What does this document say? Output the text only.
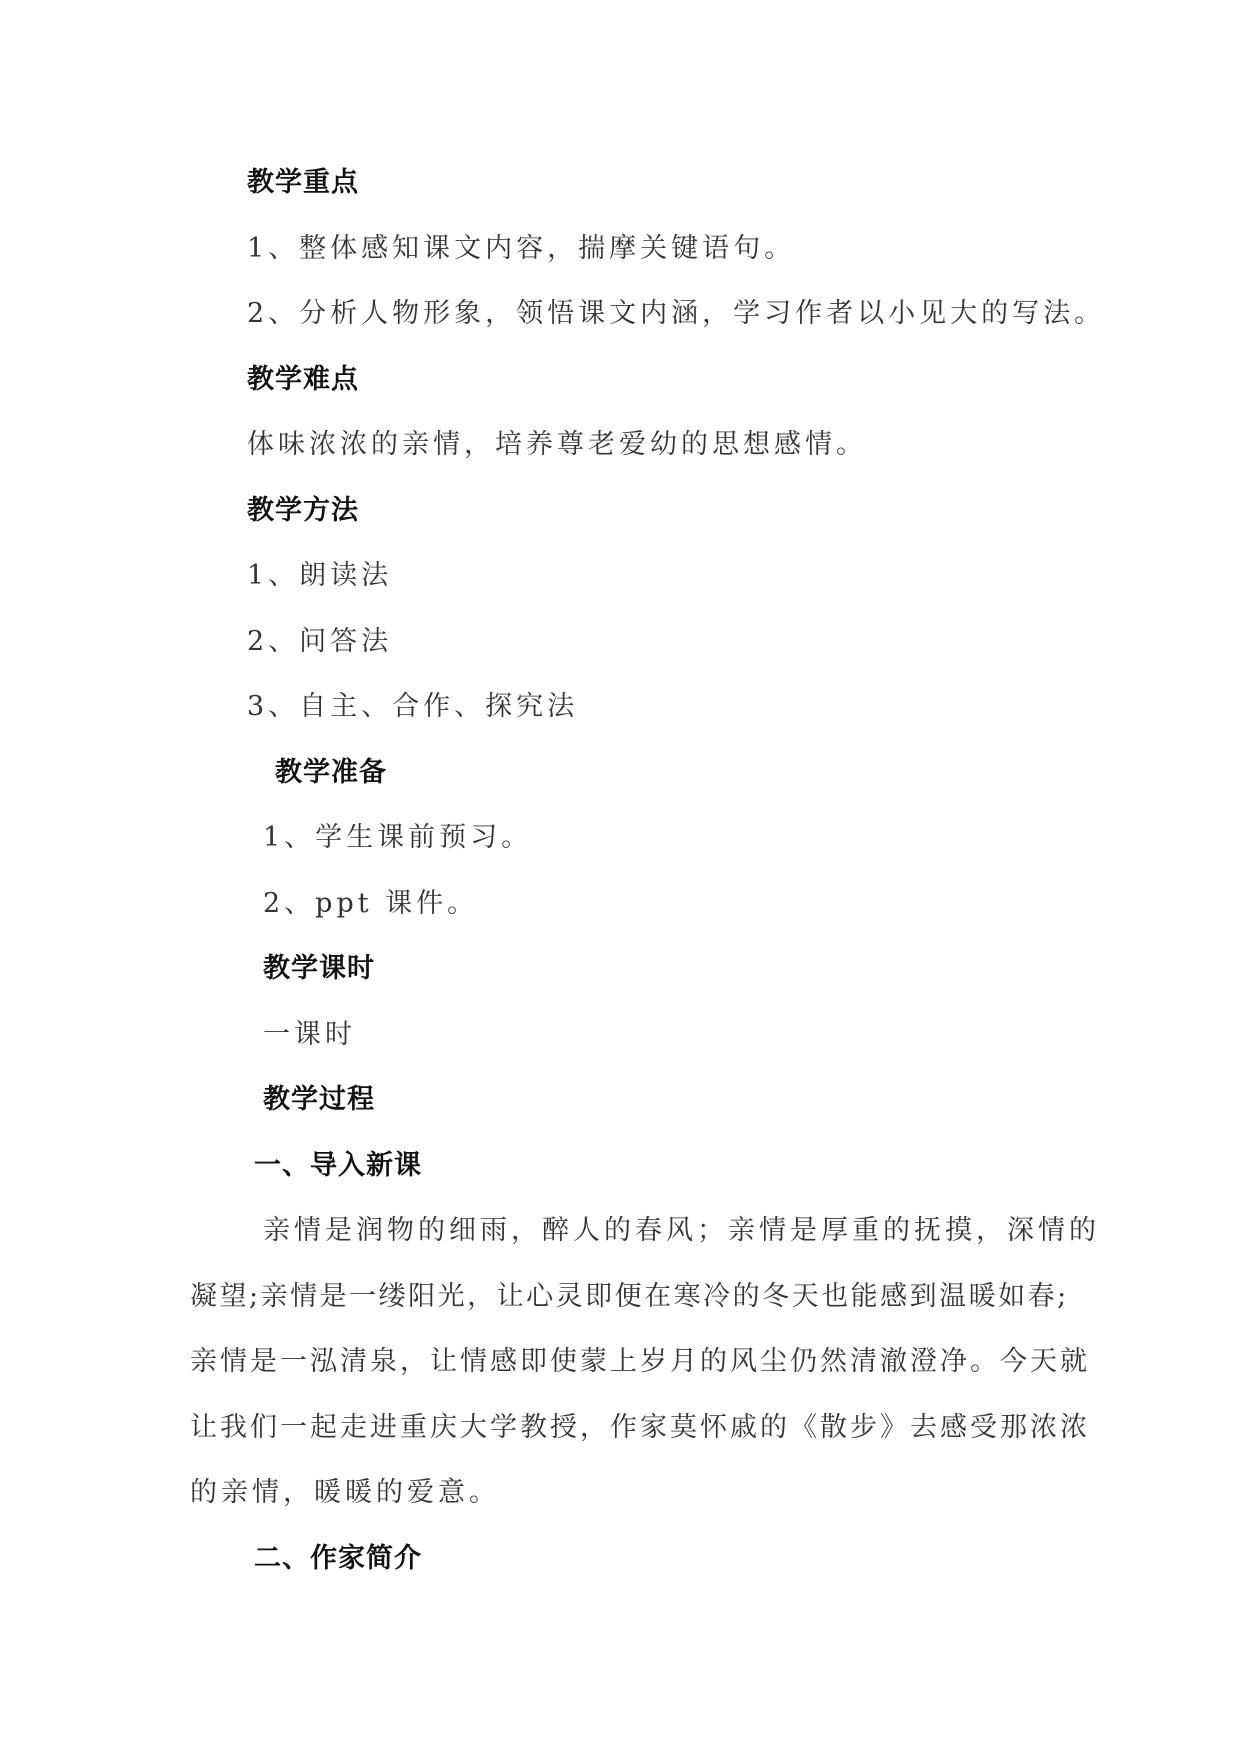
教学重点
1、整体感知课文内容，揣摩关键语句。
2、分析人物形象，领悟课文内涵，学习作者以小见大的写法。
教学难点
体味浓浓的亲情，培养尊老爱幼的思想感情。
教学方法
1、朗读法
2、问答法
3、自主、合作、探究法
教学准备
1、学生课前预习。
2、ppt 课件。
教学课时
一课时
教学过程
一、导入新课
亲情是润物的细雨，醉人的春风；亲情是厚重的抚摸，深情的
凝望;亲情是一缕阳光，让心灵即便在寒冷的冬天也能感到温暖如春;
亲情是一泓清泉，让情感即使蒙上岁月的风尘仍然清澈澄净。今天就
让我们一起走进重庆大学教授，作家莫怀戚的《散步》去感受那浓浓
的亲情，暖暖的爱意。
二、作家简介
